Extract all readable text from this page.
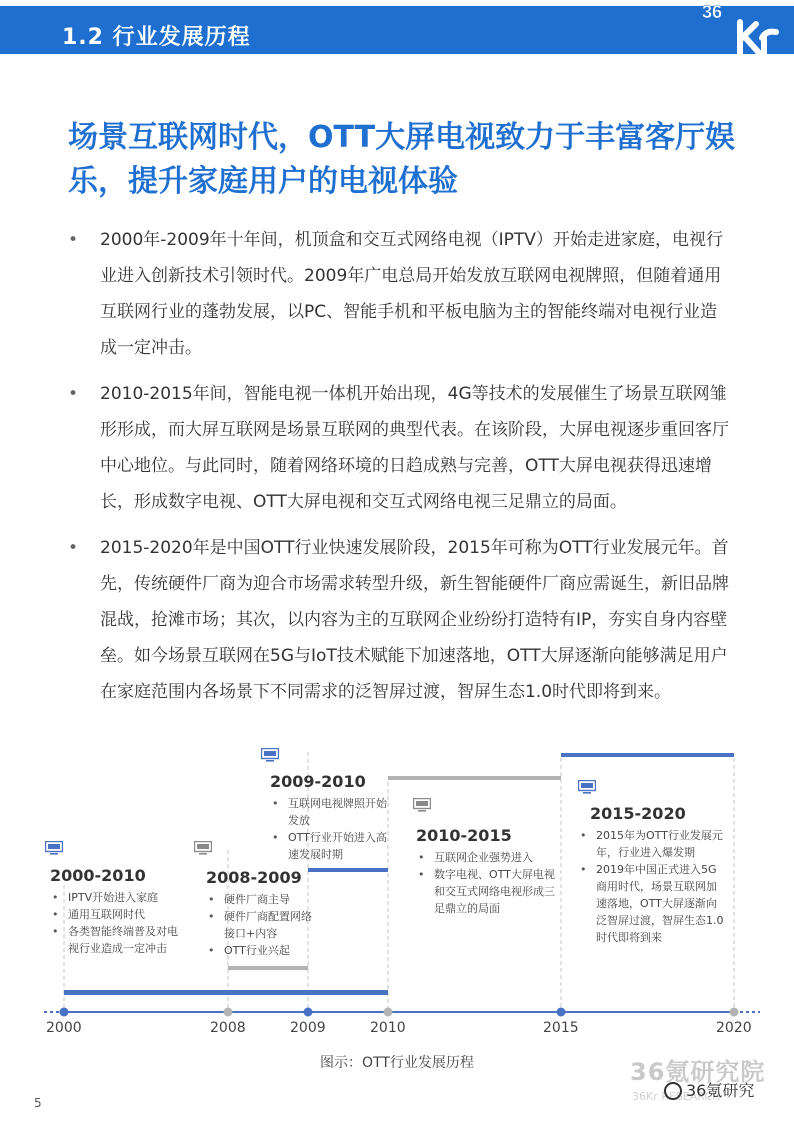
1.2 行业发展历程
36
场景互联网时代，OTT大屏电视致力于丰富客厅娱乐，提升家庭用户的电视体验
• 2000年-2009年十年间，机顶盒和交互式网络电视（IPTV）开始走进家庭，电视行业进入创新技术引领时代。2009年广电总局开始发放互联网电视牌照，但随着通用互联网行业的蓬勃发展，以PC、智能手机和平板电脑为主的智能终端对电视行业造成一定冲击。
• 2010-2015年间，智能电视一体机开始出现，4G等技术的发展催生了场景互联网雏形形成，而大屏互联网是场景互联网的典型代表。在该阶段，大屏电视逐步重回客厅中心地位。与此同时，随着网络环境的日趋成熟与完善，OTT大屏电视获得迅速增长，形成数字电视、OTT大屏电视和交互式网络电视三足鼎立的局面。
• 2015-2020年是中国OTT行业快速发展阶段，2015年可称为OTT行业发展元年。首先，传统硬件厂商为迎合市场需求转型升级，新生智能硬件厂商应需诞生，新旧品牌混战，抢滩市场；其次，以内容为主的互联网企业纷纷打造特有IP，夯实自身内容壁垒。如今场景互联网在5G与IoT技术赋能下加速落地，OTT大屏逐渐向能够满足用户在家庭范围内各场景下不同需求的泛智屏过渡，智屏生态1.0时代即将到来。
2000	2008	2009	2010	2015	2020
2000-2010
• IPTV开始进入家庭
• 通用互联网时代
• 各类智能终端普及对电视行业造成一定冲击
2008-2009
• 硬件厂商主导
• 硬件厂商配置网络接口+内容
• OTT行业兴起
2009-2010
• 互联网电视牌照开始发放
• OTT行业开始进入高速发展时期
2010-2015
• 互联网企业强势进入
• 数字电视、OTT大屏电视和交互式网络电视形成三足鼎立的局面
2015-2020
• 2015年为OTT行业发展元年，行业进入爆发期
• 2019年中国正式进入5G商用时代，场景互联网加速落地，OTT大屏逐渐向泛智屏过渡，智屏生态1.0时代即将到来
图示：OTT行业发展历程	36氪研究院
36Kr RESEARCH
36氪研究
5
